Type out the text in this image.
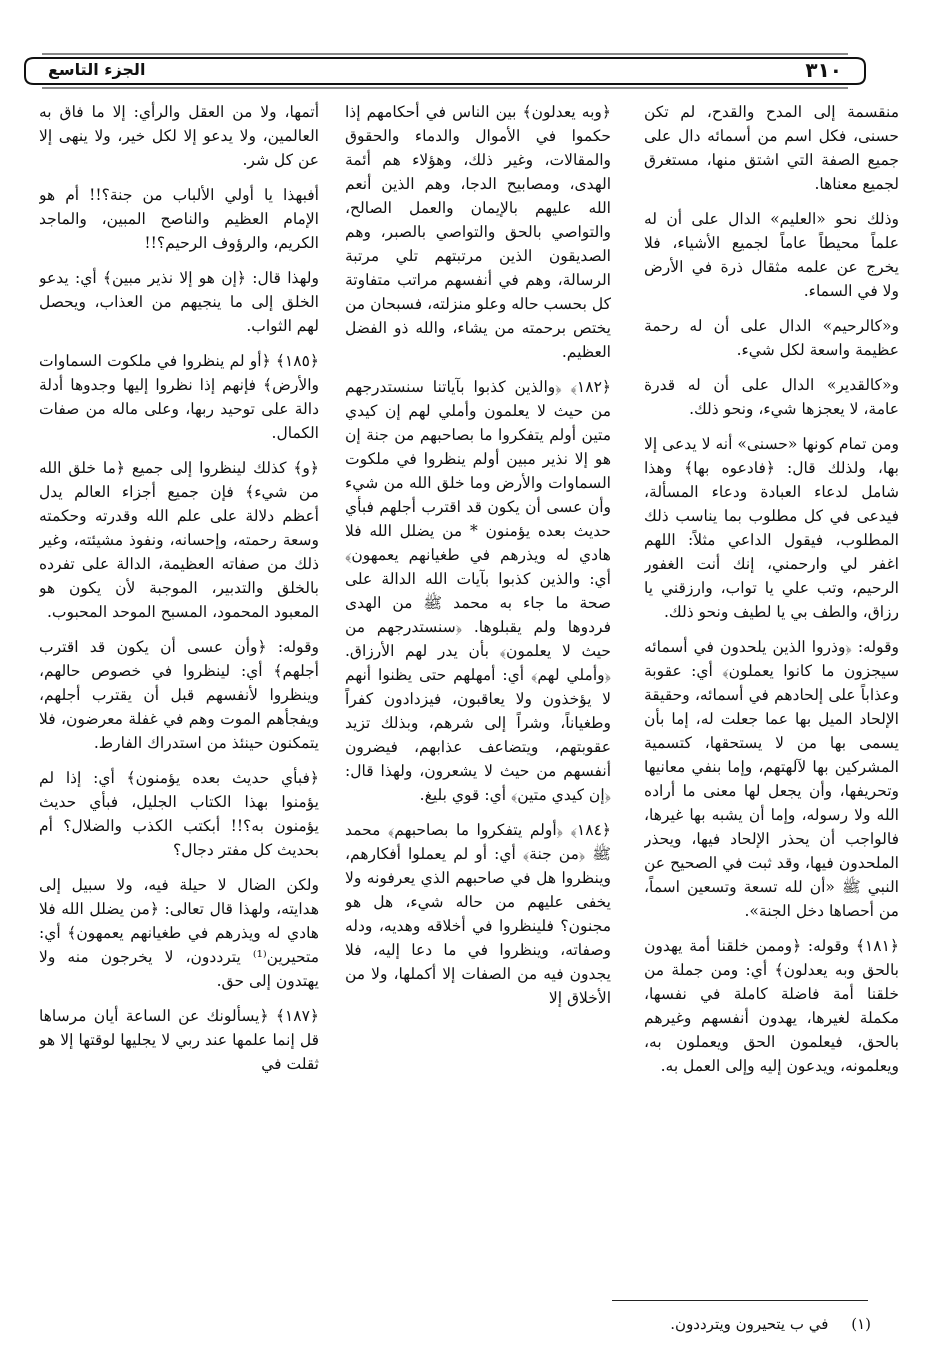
٣١٠
الجزء التاسع

منقسمة إلى المدح والقدح، لم تكن حسنى، فكل اسم من أسمائه دال على جميع الصفة التي اشتق منها، مستغرق لجميع معناها.

وذلك نحو «العليم» الدال على أن له علماً محيطاً عاماً لجميع الأشياء، فلا يخرج عن علمه مثقال ذرة في الأرض ولا في السماء.

و«كالرحيم» الدال على أن له رحمة عظيمة واسعة لكل شيء.

و«كالقدير» الدال على أن له قدرة عامة، لا يعجزها شيء، ونحو ذلك.

ومن تمام كونها «حسنى» أنه لا يدعى إلا بها، ولذلك قال: ﴿فادعوه بها﴾ وهذا شامل لدعاء العبادة ودعاء المسألة، فيدعى في كل مطلوب بما يناسب ذلك المطلوب، فيقول الداعي مثلاً: اللهم اغفر لي وارحمني، إنك أنت الغفور الرحيم، وتب علي يا تواب، وارزقني يا رزاق، والطف بي يا لطيف ونحو ذلك.

وقوله: ﴿وذروا الذين يلحدون في أسمائه سيجزون ما كانوا يعملون﴾ أي: عقوبة وعذاباً على إلحادهم في أسمائه، وحقيقة الإلحاد الميل بها عما جعلت له، إما بأن يسمى بها من لا يستحقها، كتسمية المشركين بها لآلهتهم، وإما بنفي معانيها وتحريفها، وأن يجعل لها معنى ما أراده الله ولا رسوله، وإما أن يشبه بها غيرها، فالواجب أن يحذر الإلحاد فيها، ويحذر الملحدون فيها، وقد ثبت في الصحيح عن النبي ﷺ «أن لله تسعة وتسعين اسماً، من أحصاها دخل الجنة».

﴿١٨١﴾ وقوله: ﴿وممن خلقنا أمة يهدون بالحق وبه يعدلون﴾ أي: ومن جملة من خلقنا أمة فاضلة كاملة في نفسها، مكملة لغيرها، يهدون أنفسهم وغيرهم بالحق، فيعلمون الحق ويعملون به، ويعلمونه، ويدعون إليه وإلى العمل به.

﴿وبه يعدلون﴾ بين الناس في أحكامهم إذا حكموا في الأموال والدماء والحقوق والمقالات، وغير ذلك، وهؤلاء هم أئمة الهدى، ومصابيح الدجا، وهم الذين أنعم الله عليهم بالإيمان والعمل الصالح، والتواصي بالحق والتواصي بالصبر، وهم الصديقون الذين مرتبتهم تلي مرتبة الرسالة، وهم في أنفسهم مراتب متفاوتة كل بحسب حاله وعلو منزلته، فسبحان من يختص برحمته من يشاء، والله ذو الفضل العظيم.

﴿١٨٢﴾ ﴿والذين كذبوا بآياتنا سنستدرجهم من حيث لا يعلمون وأملي لهم إن كيدي متين أولم يتفكروا ما بصاحبهم من جنة إن هو إلا نذير مبين أولم ينظروا في ملكوت السماوات والأرض وما خلق الله من شيء وأن عسى أن يكون قد اقترب أجلهم فبأي حديث بعده يؤمنون * من يضلل الله فلا هادي له ويذرهم في طغيانهم يعمهون﴾ أي: والذين كذبوا بآيات الله الدالة على صحة ما جاء به محمد ﷺ من الهدى فردوها ولم يقبلوها. ﴿سنستدرجهم من حيث لا يعلمون﴾ بأن يدر لهم الأرزاق. ﴿وأملي لهم﴾ أي: أمهلهم حتى يظنوا أنهم لا يؤخذون ولا يعاقبون، فيزدادون كفراً وطغياناً، وشراً إلى شرهم، وبذلك تزيد عقوبتهم، ويتضاعف عذابهم، فيضرون أنفسهم من حيث لا يشعرون، ولهذا قال: ﴿إن كيدي متين﴾ أي: قوي بليغ.

﴿١٨٤﴾ ﴿أولم يتفكروا ما بصاحبهم﴾ محمد ﷺ ﴿من جنة﴾ أي: أو لم يعملوا أفكارهم، وينظروا هل في صاحبهم الذي يعرفونه ولا يخفى عليهم من حاله شيء، هل هو مجنون؟ فلينظروا في أخلاقه وهديه، ودله وصفاته، وينظروا في ما دعا إليه، فلا يجدون فيه من الصفات إلا أكملها، ولا من الأخلاق إلا

أتمها، ولا من العقل والرأي: إلا ما فاق به العالمين، ولا يدعو إلا لكل خير، ولا ينهى إلا عن كل شر.

أفبهذا يا أولي الألباب من جنة؟!! أم هو الإمام العظيم والناصح المبين، والماجد الكريم، والرؤوف الرحيم؟!!

ولهذا قال: ﴿إن هو إلا نذير مبين﴾ أي: يدعو الخلق إلى ما ينجيهم من العذاب، ويحصل لهم الثواب.

﴿١٨٥﴾ ﴿أو لم ينظروا في ملكوت السماوات والأرض﴾ فإنهم إذا نظروا إليها وجدوها أدلة دالة على توحيد ربها، وعلى ماله من صفات الكمال.

﴿و﴾ كذلك لينظروا إلى جميع ﴿ما خلق الله من شيء﴾ فإن جميع أجزاء العالم يدل أعظم دلالة على علم الله وقدرته وحكمته وسعة رحمته، وإحسانه، ونفوذ مشيئته، وغير ذلك من صفاته العظيمة، الدالة على تفرده بالخلق والتدبير، الموجبة لأن يكون هو المعبود المحمود، المسبح الموحد المحبوب.

وقوله: ﴿وأن عسى أن يكون قد اقترب أجلهم﴾ أي: لينظروا في خصوص حالهم، وينظروا لأنفسهم قبل أن يقترب أجلهم، ويفجأهم الموت وهم في غفلة معرضون، فلا يتمكنون حينئذ من استدراك الفارط.

﴿فبأي حديث بعده يؤمنون﴾ أي: إذا لم يؤمنوا بهذا الكتاب الجليل، فبأي حديث يؤمنون به؟!! أبكتب الكذب والضلال؟ أم بحديث كل مفتر دجال؟

ولكن الضال لا حيلة فيه، ولا سبيل إلى هدايته، ولهذا قال تعالى: ﴿من يضلل الله فلا هادي له ويذرهم في طغيانهم يعمهون﴾ أي: متحيرين⁽¹⁾ يترددون، لا يخرجون منه ولا يهتدون إلى حق.

﴿١٨٧﴾ ﴿يسألونك عن الساعة أيان مرساها قل إنما علمها عند ربي لا يجليها لوقتها إلا هو ثقلت في

(١) في ب يتحيرون ويترددون.
